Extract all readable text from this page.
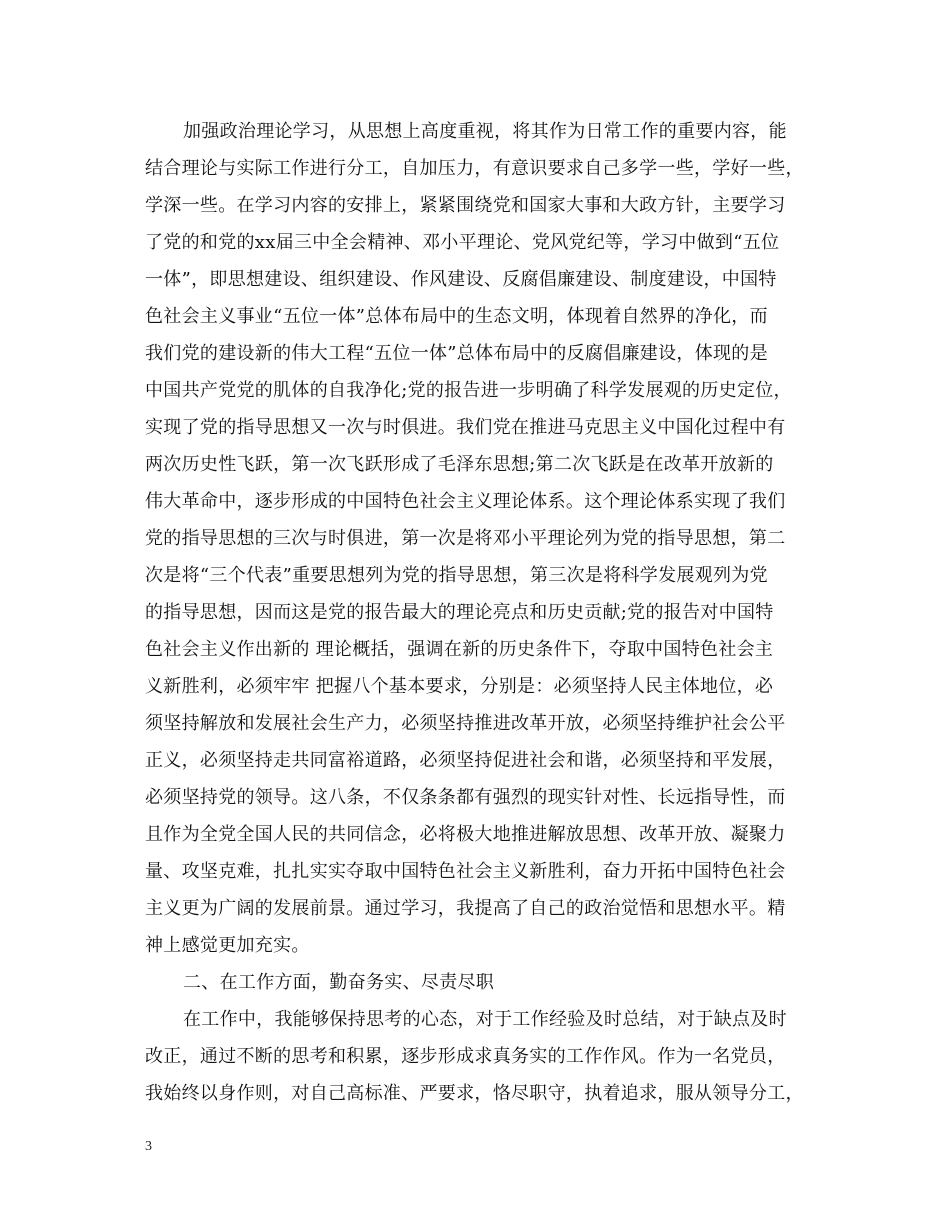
加强政治理论学习，从思想上高度重视，将其作为日常工作的重要内容，能
结合理论与实际工作进行分工，自加压力，有意识要求自己多学一些，学好一些，
学深一些。在学习内容的安排上，紧紧围绕党和国家大事和大政方针，主要学习
了党的和党的xx届三中全会精神、邓小平理论、党风党纪等，学习中做到“五位
一体”，即思想建设、组织建设、作风建设、反腐倡廉建设、制度建设，中国特
色社会主义事业“五位一体”总体布局中的生态文明，体现着自然界的净化，而
我们党的建设新的伟大工程“五位一体”总体布局中的反腐倡廉建设，体现的是
中国共产党党的肌体的自我净化;党的报告进一步明确了科学发展观的历史定位，
实现了党的指导思想又一次与时俱进。我们党在推进马克思主义中国化过程中有
两次历史性飞跃，第一次飞跃形成了毛泽东思想;第二次飞跃是在改革开放新的
伟大革命中，逐步形成的中国特色社会主义理论体系。这个理论体系实现了我们
党的指导思想的三次与时俱进，第一次是将邓小平理论列为党的指导思想，第二
次是将“三个代表”重要思想列为党的指导思想，第三次是将科学发展观列为党
的指导思想，因而这是党的报告最大的理论亮点和历史贡献;党的报告对中国特
色社会主义作出新的 理论概括，强调在新的历史条件下，夺取中国特色社会主
义新胜利，必须牢牢 把握八个基本要求，分别是：必须坚持人民主体地位，必
须坚持解放和发展社会生产力，必须坚持推进改革开放，必须坚持维护社会公平
正义，必须坚持走共同富裕道路，必须坚持促进社会和谐，必须坚持和平发展，
必须坚持党的领导。这八条，不仅条条都有强烈的现实针对性、长远指导性，而
且作为全党全国人民的共同信念，必将极大地推进解放思想、改革开放、凝聚力
量、攻坚克难，扎扎实实夺取中国特色社会主义新胜利，奋力开拓中国特色社会
主义更为广阔的发展前景。通过学习，我提高了自己的政治觉悟和思想水平。精
神上感觉更加充实。
二、在工作方面，勤奋务实、尽责尽职
在工作中，我能够保持思考的心态，对于工作经验及时总结，对于缺点及时
改正，通过不断的思考和积累，逐步形成求真务实的工作作风。作为一名党员，
我始终以身作则，对自己高标准、严要求，恪尽职守，执着追求，服从领导分工，
3
